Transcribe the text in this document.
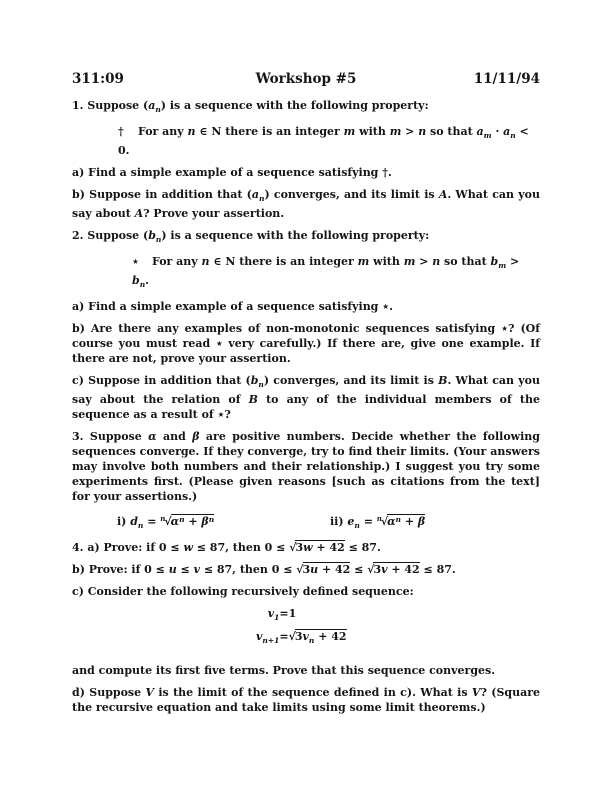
311:09	Workshop #5	11/11/94
1. Suppose $(a_n)$ is a sequence with the following property:
† For any n ∈ N there is an integer m with m > n so that $a_m \cdot a_n < 0$.
a) Find a simple example of a sequence satisfying †.
b) Suppose in addition that $(a_n)$ converges, and its limit is A. What can you say about A? Prove your assertion.
2. Suppose $(b_n)$ is a sequence with the following property:
⋆ For any n ∈ N there is an integer m with m > n so that $b_m > b_n$.
a) Find a simple example of a sequence satisfying ⋆.
b) Are there any examples of non-monotonic sequences satisfying ⋆? (Of course you must read ⋆ very carefully.) If there are, give one example. If there are not, prove your assertion.
c) Suppose in addition that $(b_n)$ converges, and its limit is B. What can you say about the relation of B to any of the individual members of the sequence as a result of ⋆?
3. Suppose α and β are positive numbers. Decide whether the following sequences converge. If they converge, try to find their limits. (Your answers may involve both numbers and their relationship.) I suggest you try some experiments first. (Please given reasons [such as citations from the text] for your assertions.)
i) $d_n = ^n√\alpha^n + \beta^n$	ii) $e_n = ^n√\alpha^n + \beta$
4. a) Prove: if 0 ≤ w ≤ 87, then 0 ≤ √3w + 42 ≤ 87.
b) Prove: if 0 ≤ u ≤ v ≤ 87, then 0 ≤ √3u + 42 ≤ √3v + 42 ≤ 87.
c) Consider the following recursively defined sequence:
$v_1 = 1$
$v_{n+1} = √3v_n + 42$
and compute its first five terms. Prove that this sequence converges.
d) Suppose V is the limit of the sequence defined in c). What is V? (Square the recursive equation and take limits using some limit theorems.)
